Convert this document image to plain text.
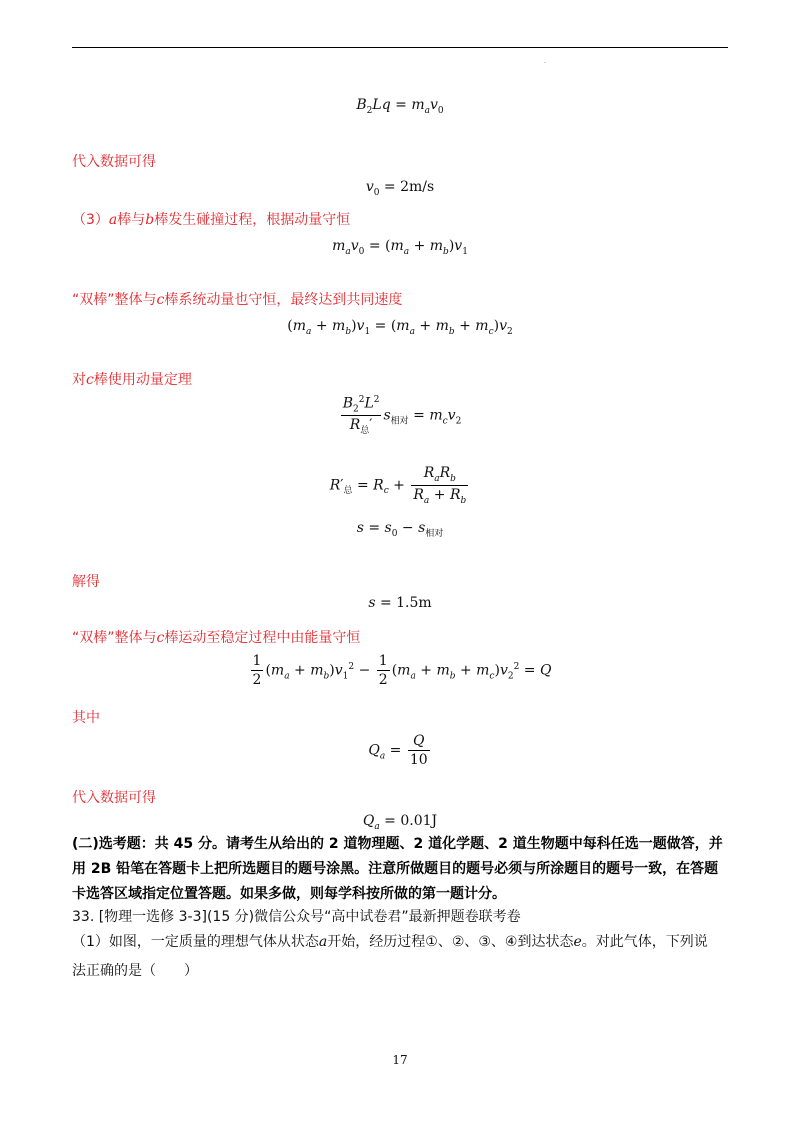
.
$B_2Lq = m_av_0$
代入数据可得
$v_0 = 2m/s$
（3）a棒与b棒发生碰撞过程，根据动量守恒
$m_av_0 = (m_a + m_b)v_1$
“双棒”整体与c棒系统动量也守恒，最终达到共同速度
$(m_a + m_b)v_1 = (m_a + m_b + m_c)v_2$
对c棒使用动量定理
$\frac{B_2^2L^2}{R_总'} s_{相对} = m_cv_2$
$R'_总 = R_c + \frac{R_aR_b}{R_a + R_b}$
$s = s_0 - s_{相对}$
解得
s = 1.5m
“双棒”整体与c棒运动至稳定过程中由能量守恒
$\frac{1}{2} (m_a + m_b)v_1^2 - \frac{1}{2} (m_a + m_b + m_c)v_2^2 = Q$
其中
$Q_a = \frac{Q}{10}$
代入数据可得
$Q_a = 0.01J$
(二)选考题：共 45 分。请考生从给出的 2 道物理题、2 道化学题、2 道生物题中每科任选一题做答，并用 2B 铅笔在答题卡上把所选题目的题号涂黑。注意所做题目的题号必须与所涂题目的题号一致，在答题卡选答区域指定位置答题。如果多做，则每学科按所做的第一题计分。
33. [物理一选修 3-3](15 分)微信公众号“高中试卷君”最新押题卷联考卷
（1）如图，一定质量的理想气体从状态a开始，经历过程①、②、③、④到达状态e。对此气体，下列说
法正确的是（　　）
17
